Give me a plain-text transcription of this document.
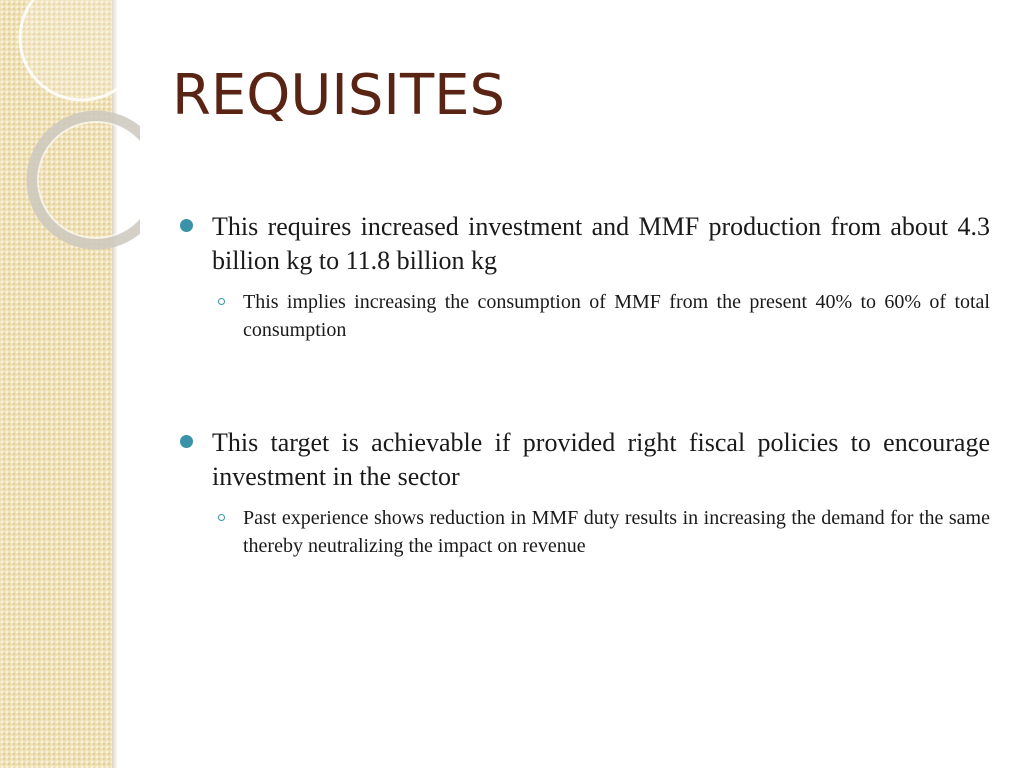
REQUISITES
This requires increased investment and MMF production from about 4.3 billion kg to 11.8 billion kg
This implies increasing the consumption of MMF from the present 40% to 60% of total consumption
This target is achievable if provided right fiscal policies to encourage investment in the sector
Past experience shows reduction in MMF duty results in increasing the demand for the same thereby neutralizing the impact on revenue
